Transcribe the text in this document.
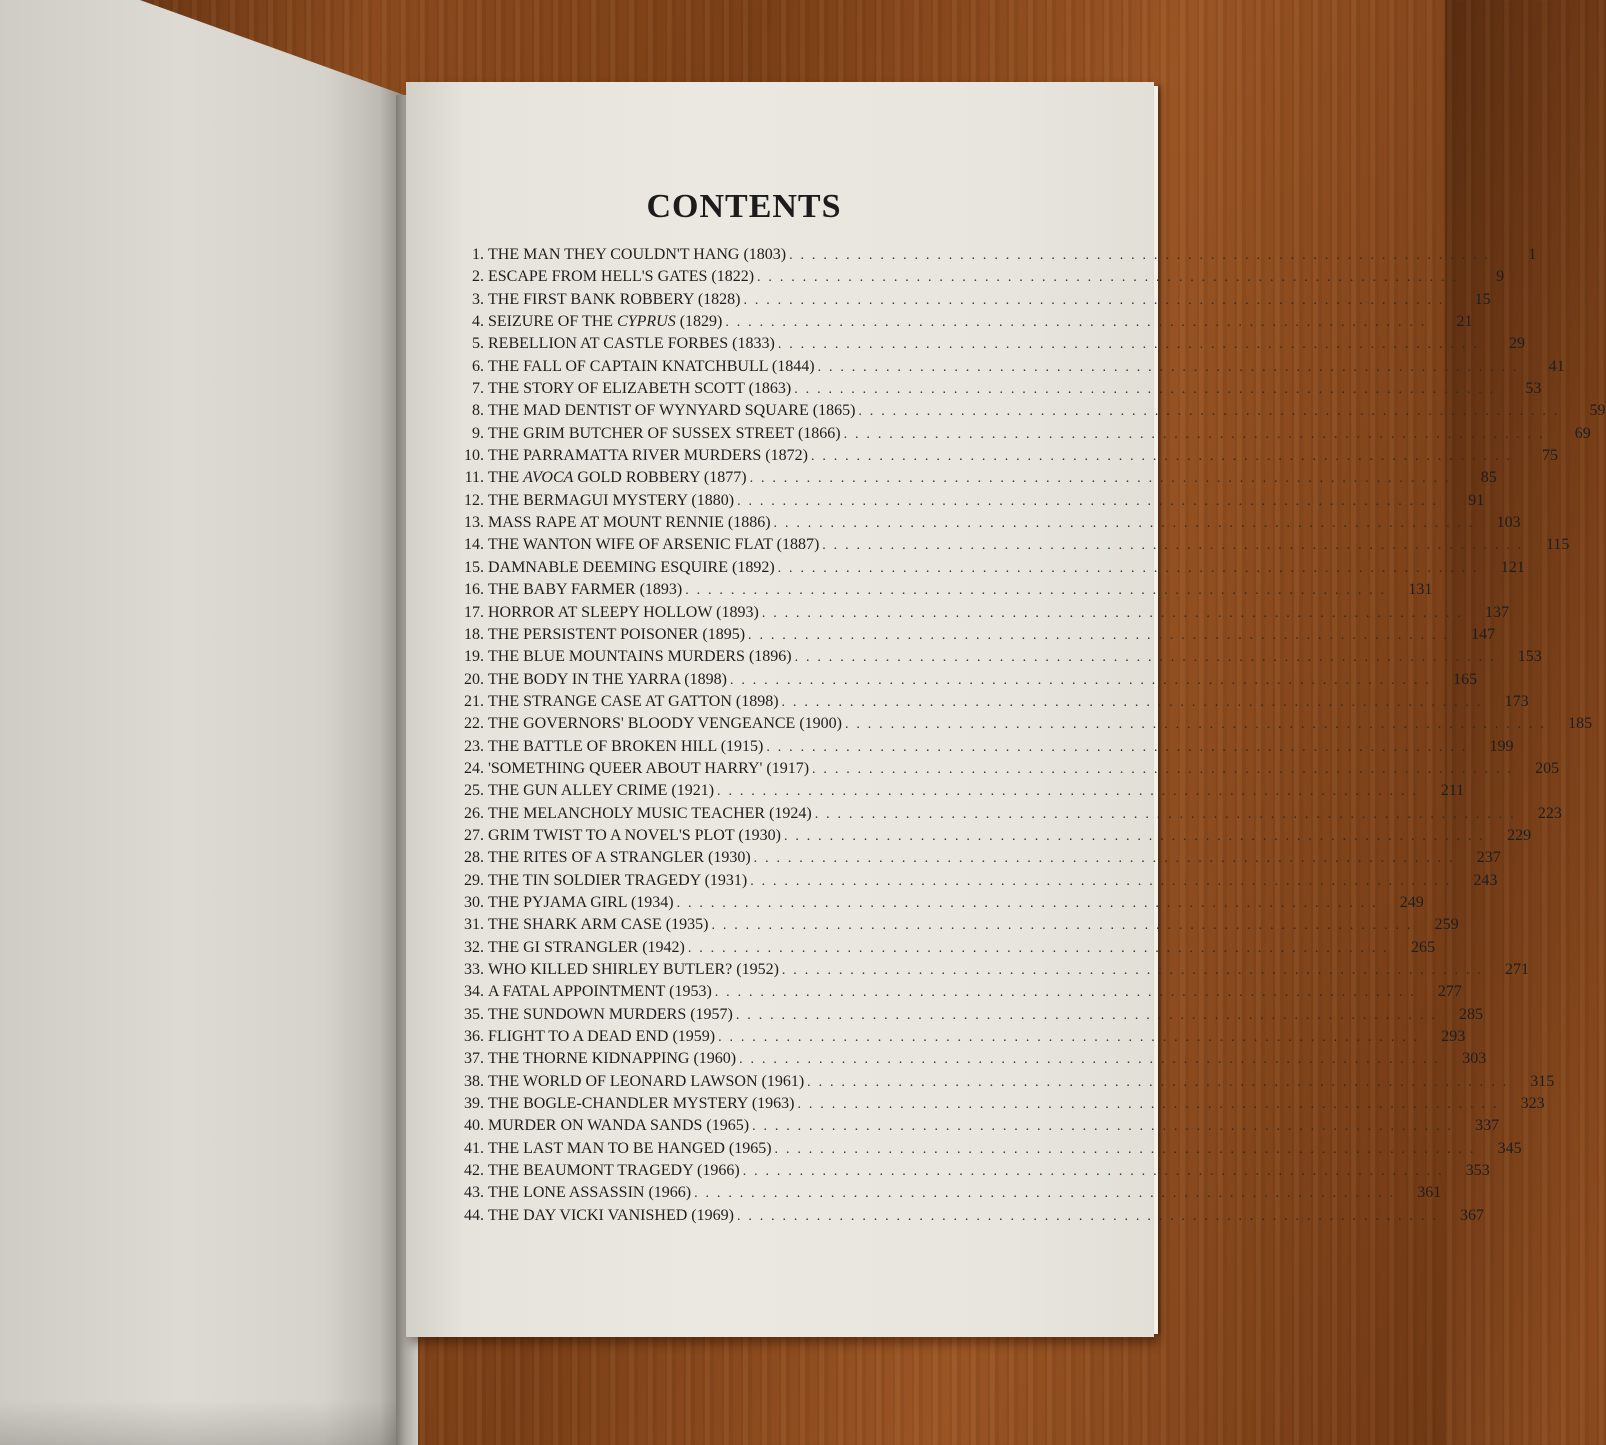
CONTENTS
1. THE MAN THEY COULDN'T HANG (1803) . . . . . . . . . . . . . . . . . . . . . . . . . . . . . . . . . . . . . . . . . . . . . . . . . . . . . . . . . . . . . .	1
2. ESCAPE FROM HELL'S GATES (1822) . . . . . . . . . . . . . . . . . . . . . . . . . . . . . . . . . . . . . . . . . . . . . . . . . . . . . . . . . . . . . .	9
3. THE FIRST BANK ROBBERY (1828) . . . . . . . . . . . . . . . . . . . . . . . . . . . . . . . . . . . . . . . . . . . . . . . . . . . . . . . . . . . . . .	15
4. SEIZURE OF THE CYPRUS (1829) . . . . . . . . . . . . . . . . . . . . . . . . . . . . . . . . . . . . . . . . . . . . . . . . . . . . . . . . . . . . . .	21
5. REBELLION AT CASTLE FORBES (1833) . . . . . . . . . . . . . . . . . . . . . . . . . . . . . . . . . . . . . . . . . . . . . . . . . . . . . . . . . . . . . .	29
6. THE FALL OF CAPTAIN KNATCHBULL (1844) . . . . . . . . . . . . . . . . . . . . . . . . . . . . . . . . . . . . . . . . . . . . . . . . . . . . . . . . . . . . . .	41
7. THE STORY OF ELIZABETH SCOTT (1863) . . . . . . . . . . . . . . . . . . . . . . . . . . . . . . . . . . . . . . . . . . . . . . . . . . . . . . . . . . . . . .	53
8. THE MAD DENTIST OF WYNYARD SQUARE (1865) . . . . . . . . . . . . . . . . . . . . . . . . . . . . . . . . . . . . . . . . . . . . . . . . . . . . . . . . . . . . . .	59
9. THE GRIM BUTCHER OF SUSSEX STREET (1866) . . . . . . . . . . . . . . . . . . . . . . . . . . . . . . . . . . . . . . . . . . . . . . . . . . . . . . . . . . . . . .	69
10. THE PARRAMATTA RIVER MURDERS (1872) . . . . . . . . . . . . . . . . . . . . . . . . . . . . . . . . . . . . . . . . . . . . . . . . . . . . . . . . . . . . . .	75
11. THE AVOCA GOLD ROBBERY (1877) . . . . . . . . . . . . . . . . . . . . . . . . . . . . . . . . . . . . . . . . . . . . . . . . . . . . . . . . . . . . . .	85
12. THE BERMAGUI MYSTERY (1880) . . . . . . . . . . . . . . . . . . . . . . . . . . . . . . . . . . . . . . . . . . . . . . . . . . . . . . . . . . . . . .	91
13. MASS RAPE AT MOUNT RENNIE (1886) . . . . . . . . . . . . . . . . . . . . . . . . . . . . . . . . . . . . . . . . . . . . . . . . . . . . . . . . . . . . . .	103
14. THE WANTON WIFE OF ARSENIC FLAT (1887) . . . . . . . . . . . . . . . . . . . . . . . . . . . . . . . . . . . . . . . . . . . . . . . . . . . . . . . . . . . . . .	115
15. DAMNABLE DEEMING ESQUIRE (1892) . . . . . . . . . . . . . . . . . . . . . . . . . . . . . . . . . . . . . . . . . . . . . . . . . . . . . . . . . . . . . .	121
16. THE BABY FARMER (1893) . . . . . . . . . . . . . . . . . . . . . . . . . . . . . . . . . . . . . . . . . . . . . . . . . . . . . . . . . . . . . .	131
17. HORROR AT SLEEPY HOLLOW (1893) . . . . . . . . . . . . . . . . . . . . . . . . . . . . . . . . . . . . . . . . . . . . . . . . . . . . . . . . . . . . . .	137
18. THE PERSISTENT POISONER (1895) . . . . . . . . . . . . . . . . . . . . . . . . . . . . . . . . . . . . . . . . . . . . . . . . . . . . . . . . . . . . . .	147
19. THE BLUE MOUNTAINS MURDERS (1896) . . . . . . . . . . . . . . . . . . . . . . . . . . . . . . . . . . . . . . . . . . . . . . . . . . . . . . . . . . . . . .	153
20. THE BODY IN THE YARRA (1898) . . . . . . . . . . . . . . . . . . . . . . . . . . . . . . . . . . . . . . . . . . . . . . . . . . . . . . . . . . . . . .	165
21. THE STRANGE CASE AT GATTON (1898) . . . . . . . . . . . . . . . . . . . . . . . . . . . . . . . . . . . . . . . . . . . . . . . . . . . . . . . . . . . . . .	173
22. THE GOVERNORS' BLOODY VENGEANCE (1900) . . . . . . . . . . . . . . . . . . . . . . . . . . . . . . . . . . . . . . . . . . . . . . . . . . . . . . . . . . . . . .	185
23. THE BATTLE OF BROKEN HILL (1915) . . . . . . . . . . . . . . . . . . . . . . . . . . . . . . . . . . . . . . . . . . . . . . . . . . . . . . . . . . . . . .	199
24. 'SOMETHING QUEER ABOUT HARRY' (1917) . . . . . . . . . . . . . . . . . . . . . . . . . . . . . . . . . . . . . . . . . . . . . . . . . . . . . . . . . . . . . .	205
25. THE GUN ALLEY CRIME (1921) . . . . . . . . . . . . . . . . . . . . . . . . . . . . . . . . . . . . . . . . . . . . . . . . . . . . . . . . . . . . . .	211
26. THE MELANCHOLY MUSIC TEACHER (1924) . . . . . . . . . . . . . . . . . . . . . . . . . . . . . . . . . . . . . . . . . . . . . . . . . . . . . . . . . . . . . .	223
27. GRIM TWIST TO A NOVEL'S PLOT (1930) . . . . . . . . . . . . . . . . . . . . . . . . . . . . . . . . . . . . . . . . . . . . . . . . . . . . . . . . . . . . . .	229
28. THE RITES OF A STRANGLER (1930) . . . . . . . . . . . . . . . . . . . . . . . . . . . . . . . . . . . . . . . . . . . . . . . . . . . . . . . . . . . . . .	237
29. THE TIN SOLDIER TRAGEDY (1931) . . . . . . . . . . . . . . . . . . . . . . . . . . . . . . . . . . . . . . . . . . . . . . . . . . . . . . . . . . . . . .	243
30. THE PYJAMA GIRL (1934) . . . . . . . . . . . . . . . . . . . . . . . . . . . . . . . . . . . . . . . . . . . . . . . . . . . . . . . . . . . . . .	249
31. THE SHARK ARM CASE (1935) . . . . . . . . . . . . . . . . . . . . . . . . . . . . . . . . . . . . . . . . . . . . . . . . . . . . . . . . . . . . . .	259
32. THE GI STRANGLER (1942) . . . . . . . . . . . . . . . . . . . . . . . . . . . . . . . . . . . . . . . . . . . . . . . . . . . . . . . . . . . . . .	265
33. WHO KILLED SHIRLEY BUTLER? (1952) . . . . . . . . . . . . . . . . . . . . . . . . . . . . . . . . . . . . . . . . . . . . . . . . . . . . . . . . . . . . . .	271
34. A FATAL APPOINTMENT (1953) . . . . . . . . . . . . . . . . . . . . . . . . . . . . . . . . . . . . . . . . . . . . . . . . . . . . . . . . . . . . . .	277
35. THE SUNDOWN MURDERS (1957) . . . . . . . . . . . . . . . . . . . . . . . . . . . . . . . . . . . . . . . . . . . . . . . . . . . . . . . . . . . . . .	285
36. FLIGHT TO A DEAD END (1959) . . . . . . . . . . . . . . . . . . . . . . . . . . . . . . . . . . . . . . . . . . . . . . . . . . . . . . . . . . . . . .	293
37. THE THORNE KIDNAPPING (1960) . . . . . . . . . . . . . . . . . . . . . . . . . . . . . . . . . . . . . . . . . . . . . . . . . . . . . . . . . . . . . .	303
38. THE WORLD OF LEONARD LAWSON (1961) . . . . . . . . . . . . . . . . . . . . . . . . . . . . . . . . . . . . . . . . . . . . . . . . . . . . . . . . . . . . . .	315
39. THE BOGLE-CHANDLER MYSTERY (1963) . . . . . . . . . . . . . . . . . . . . . . . . . . . . . . . . . . . . . . . . . . . . . . . . . . . . . . . . . . . . . .	323
40. MURDER ON WANDA SANDS (1965) . . . . . . . . . . . . . . . . . . . . . . . . . . . . . . . . . . . . . . . . . . . . . . . . . . . . . . . . . . . . . .	337
41. THE LAST MAN TO BE HANGED (1965) . . . . . . . . . . . . . . . . . . . . . . . . . . . . . . . . . . . . . . . . . . . . . . . . . . . . . . . . . . . . . .	345
42. THE BEAUMONT TRAGEDY (1966) . . . . . . . . . . . . . . . . . . . . . . . . . . . . . . . . . . . . . . . . . . . . . . . . . . . . . . . . . . . . . .	353
43. THE LONE ASSASSIN (1966) . . . . . . . . . . . . . . . . . . . . . . . . . . . . . . . . . . . . . . . . . . . . . . . . . . . . . . . . . . . . . .	361
44. THE DAY VICKI VANISHED (1969) . . . . . . . . . . . . . . . . . . . . . . . . . . . . . . . . . . . . . . . . . . . . . . . . . . . . . . . . . . . . . .	367
